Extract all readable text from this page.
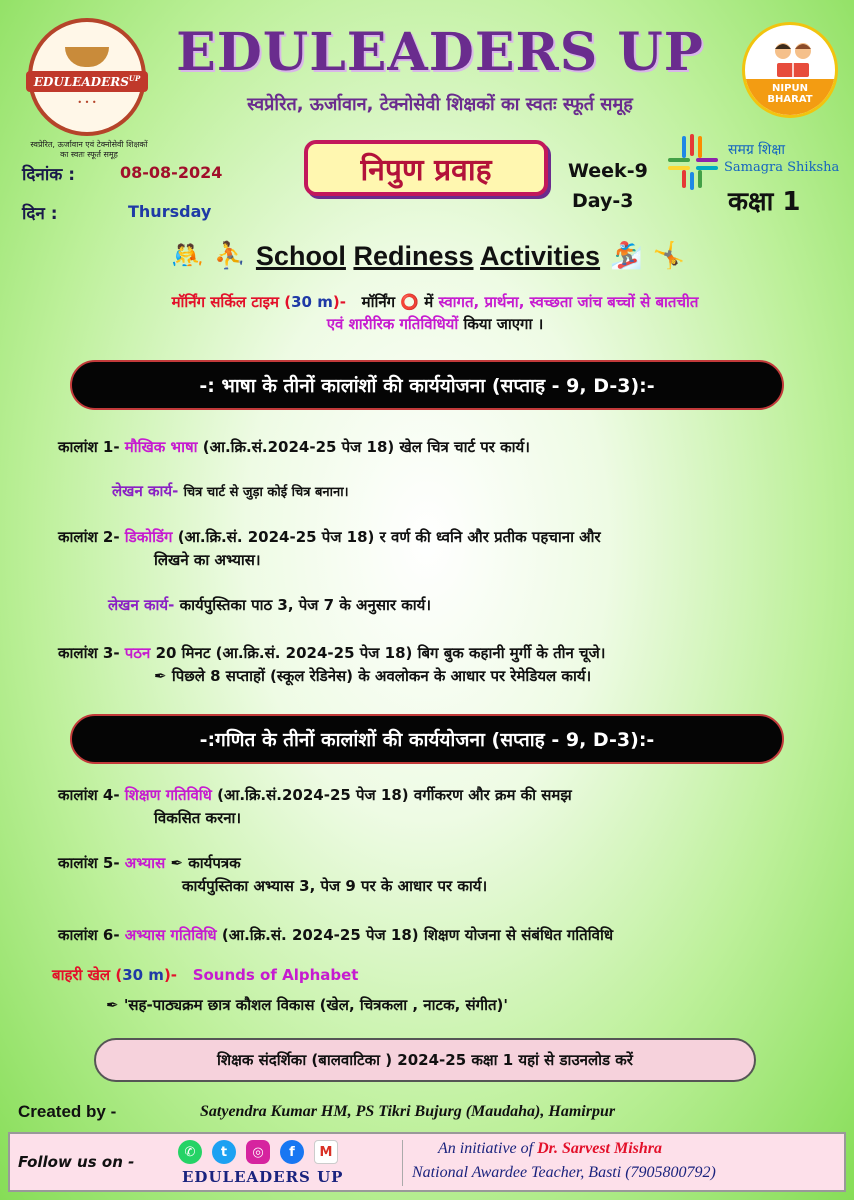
$EDULEADERS^{UP}$
• • •
स्वप्रेरित, ऊर्जावान एवं टेक्नोसेवी शिक्षकों का स्वतः स्फूर्त समूह
EDULEADERS UP
स्वप्रेरित, ऊर्जावान, टेक्नोसेवी शिक्षकों का स्वतः स्फूर्त समूह
NIPUN
BHARAT
दिनांक :	08-08-2024
दिन :	Thursday
निपुण प्रवाह	Week-9
Day-3
समग्र शिक्षा
Samagra Shiksha
कक्षा 1
🤼 ⛹ School Rediness Activities 🏂 🤸
मॉर्निंग सर्किल टाइम (30 m)- मॉर्निंग ⭕ में स्वागत, प्रार्थना, स्वच्छता जांच बच्चों से बातचीत
एवं शारीरिक गतिविधियों किया जाएगा ।
-: भाषा के तीनों कालांशों की कार्ययोजना (सप्ताह - 9, D-3):-
कालांश 1- मौखिक भाषा (आ.क्रि.सं.2024-25 पेज 18) खेल चित्र चार्ट पर कार्य।
लेखन कार्य- चित्र चार्ट से जुड़ा कोई चित्र बनाना।
कालांश 2- डिकोडिंग (आ.क्रि.सं. 2024-25 पेज 18) र वर्ण की ध्वनि और प्रतीक पहचाना और
लिखने का अभ्यास।
लेखन कार्य- कार्यपुस्तिका पाठ 3, पेज 7 के अनुसार कार्य।
कालांश 3- पठन 20 मिनट (आ.क्रि.सं. 2024-25 पेज 18) बिग बुक कहानी मुर्गी के तीन चूजे।
✒ पिछले 8 सप्ताहों (स्कूल रेडिनेस) के अवलोकन के आधार पर रेमेडियल कार्य।
-:गणित के तीनों कालांशों की कार्ययोजना (सप्ताह - 9, D-3):-
कालांश 4- शिक्षण गतिविधि (आ.क्रि.सं.2024-25 पेज 18) वर्गीकरण और क्रम की समझ
विकसित करना।
कालांश 5- अभ्यास ✒ कार्यपत्रक
कार्यपुस्तिका अभ्यास 3, पेज 9 पर के आधार पर कार्य।
कालांश 6- अभ्यास गतिविधि (आ.क्रि.सं. 2024-25 पेज 18) शिक्षण योजना से संबंधित गतिविधि
बाहरी खेल (30 m)- Sounds of Alphabet
✒ 'सह-पाठ्यक्रम छात्र कौशल विकास (खेल, चित्रकला , नाटक, संगीत)'
शिक्षक संदर्शिका (बालवाटिका ) 2024-25 कक्षा 1 यहां से डाउनलोड करें
Created by -	Satyendra Kumar HM, PS Tikri Bujurg (Maudaha), Hamirpur
Follow us on -
✆	t	◎	f	M
EDULEADERS UP
An initiative of Dr. Sarvest Mishra
National Awardee Teacher, Basti (7905800792)
